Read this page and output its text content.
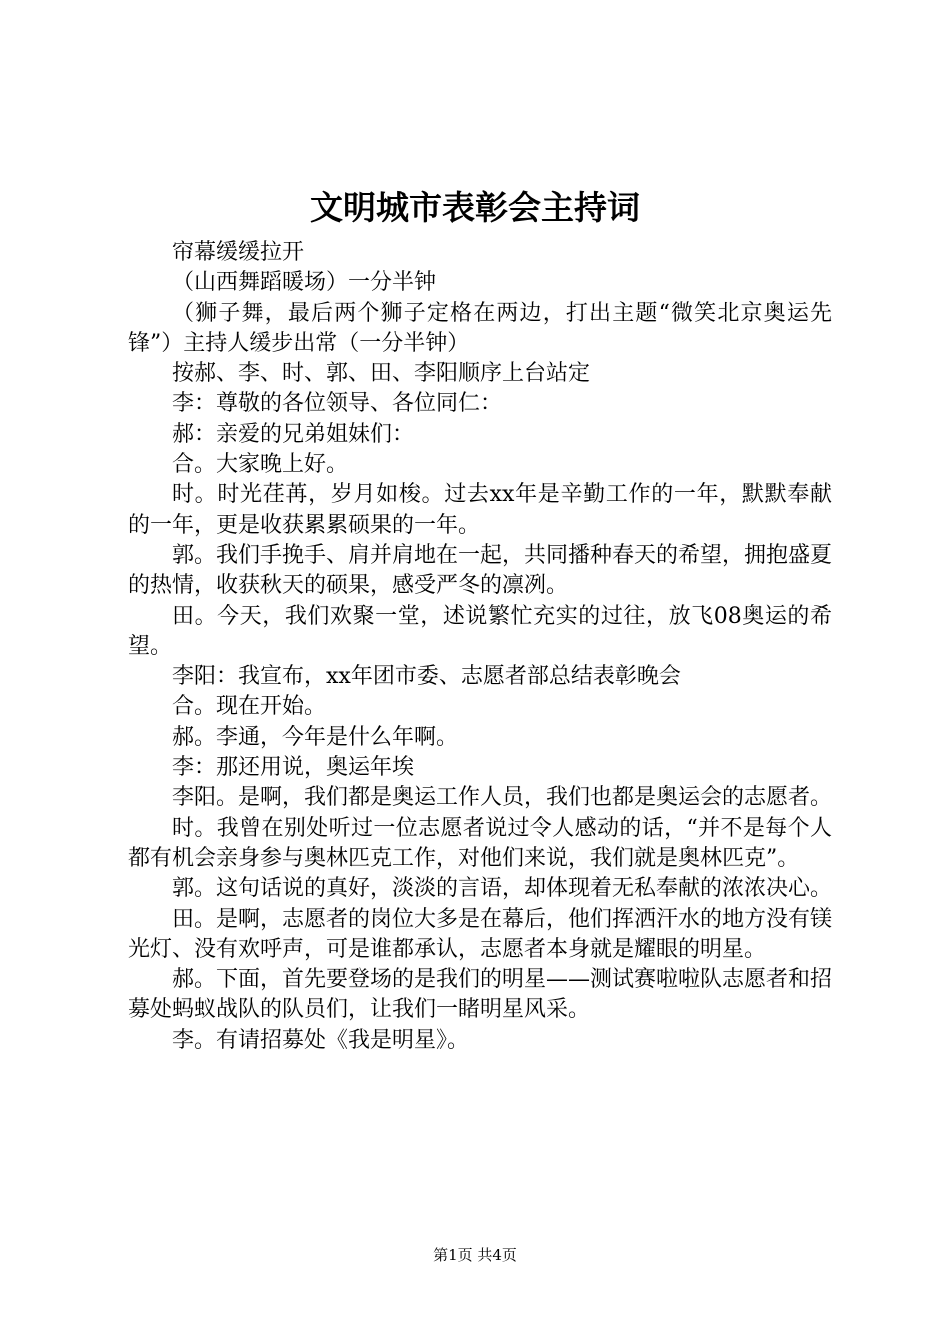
文明城市表彰会主持词

帘幕缓缓拉开

（山西舞蹈暖场）一分半钟

（狮子舞，最后两个狮子定格在两边，打出主题“微笑北京奥运先锋”）主持人缓步出常（一分半钟）

按郝、李、时、郭、田、李阳顺序上台站定

李：尊敬的各位领导、各位同仁：

郝：亲爱的兄弟姐妹们：

合。大家晚上好。

时。时光荏苒，岁月如梭。过去xx年是辛勤工作的一年，默默奉献的一年，更是收获累累硕果的一年。

郭。我们手挽手、肩并肩地在一起，共同播种春天的希望，拥抱盛夏的热情，收获秋天的硕果，感受严冬的凛冽。

田。今天，我们欢聚一堂，述说繁忙充实的过往，放飞08奥运的希望。

李阳：我宣布，xx年团市委、志愿者部总结表彰晚会

合。现在开始。

郝。李通，今年是什么年啊。

李：那还用说，奥运年埃

李阳。是啊，我们都是奥运工作人员，我们也都是奥运会的志愿者。

时。我曾在别处听过一位志愿者说过令人感动的话，“并不是每个人都有机会亲身参与奥林匹克工作，对他们来说，我们就是奥林匹克”。

郭。这句话说的真好，淡淡的言语，却体现着无私奉献的浓浓决心。

田。是啊，志愿者的岗位大多是在幕后，他们挥洒汗水的地方没有镁光灯、没有欢呼声，可是谁都承认，志愿者本身就是耀眼的明星。

郝。下面，首先要登场的是我们的明星——测试赛啦啦队志愿者和招募处蚂蚁战队的队员们，让我们一睹明星风采。

李。有请招募处《我是明星》。

第1页 共4页
